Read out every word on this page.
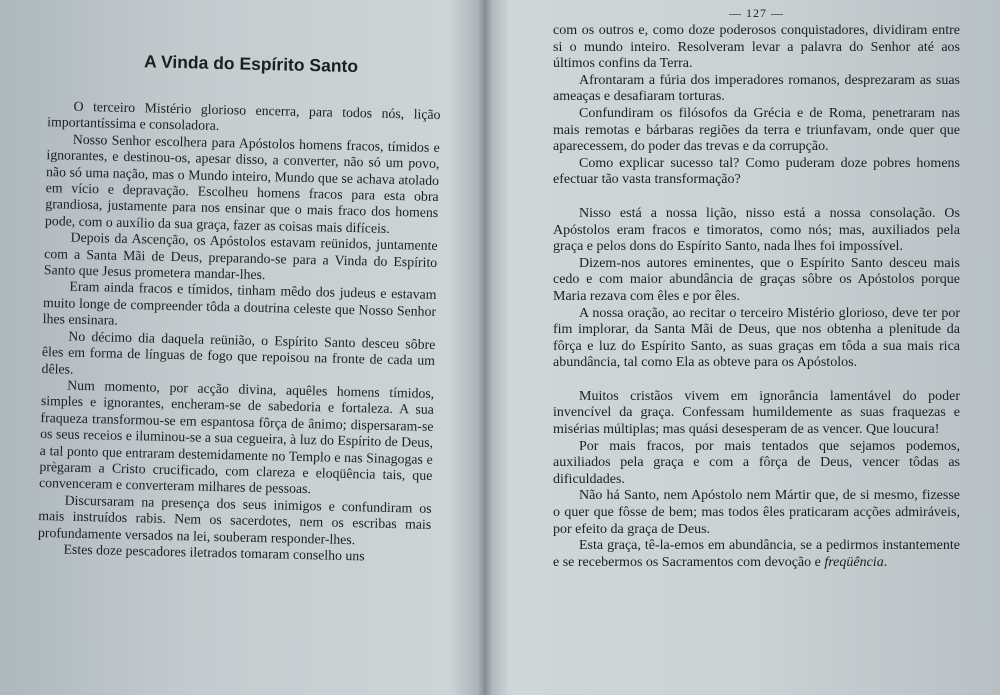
A Vinda do Espírito Santo

O terceiro Mistério glorioso encerra, para todos nós, lição importantíssima e consoladora.

Nosso Senhor escolhera para Apóstolos homens fracos, tímidos e ignorantes, e destinou-os, apesar disso, a converter, não só um povo, não só uma nação, mas o Mundo inteiro, Mundo que se achava atolado em vício e depravação. Escolheu homens fracos para esta obra grandiosa, justamente para nos ensinar que o mais fraco dos homens pode, com o auxílio da sua graça, fazer as coisas mais difíceis.

Depois da Ascenção, os Apóstolos estavam reünidos, juntamente com a Santa Mãi de Deus, preparando-se para a Vinda do Espírito Santo que Jesus prometera mandar-lhes.

Eram ainda fracos e tímidos, tinham mêdo dos judeus e estavam muito longe de compreender tôda a doutrina celeste que Nosso Senhor lhes ensinara.

No décimo dia daquela reünião, o Espírito Santo desceu sôbre êles em forma de línguas de fogo que repoisou na fronte de cada um dêles.

Num momento, por acção divina, aquêles homens tímidos, simples e ignorantes, encheram-se de sabedoria e fortaleza. A sua fraqueza transformou-se em espantosa fôrça de ânimo; dispersaram-se os seus receios e iluminou-se a sua cegueira, à luz do Espírito de Deus, a tal ponto que entraram destemidamente no Templo e nas Sinagogas e prègaram a Cristo crucificado, com clareza e eloqüência tais, que convenceram e converteram milhares de pessoas.

Discursaram na presença dos seus inimigos e confundiram os mais instruídos rabis. Nem os sacerdotes, nem os escribas mais profundamente versados na lei, souberam responder-lhes.

Estes doze pescadores iletrados tomaram conselho uns

— 127 —

com os outros e, como doze poderosos conquistadores, dividiram entre si o mundo inteiro. Resolveram levar a palavra do Senhor até aos últimos confins da Terra.

Afrontaram a fúria dos imperadores romanos, desprezaram as suas ameaças e desafiaram torturas.

Confundiram os filósofos da Grécia e de Roma, penetraram nas mais remotas e bárbaras regiões da terra e triunfavam, onde quer que aparecessem, do poder das trevas e da corrupção.

Como explicar sucesso tal? Como puderam doze pobres homens efectuar tão vasta transformação?

Nisso está a nossa lição, nisso está a nossa consolação. Os Apóstolos eram fracos e timoratos, como nós; mas, auxiliados pela graça e pelos dons do Espírito Santo, nada lhes foi impossível.

Dizem-nos autores eminentes, que o Espírito Santo desceu mais cedo e com maior abundância de graças sôbre os Apóstolos porque Maria rezava com êles e por êles.

A nossa oração, ao recitar o terceiro Mistério glorioso, deve ter por fim implorar, da Santa Mãi de Deus, que nos obtenha a plenitude da fôrça e luz do Espírito Santo, as suas graças em tôda a sua mais rica abundância, tal como Ela as obteve para os Apóstolos.

Muitos cristãos vivem em ignorância lamentável do poder invencível da graça. Confessam humildemente as suas fraquezas e misérias múltiplas; mas quási desesperam de as vencer. Que loucura!

Por mais fracos, por mais tentados que sejamos podemos, auxiliados pela graça e com a fôrça de Deus, vencer tôdas as dificuldades.

Não há Santo, nem Apóstolo nem Mártir que, de si mesmo, fizesse o quer que fôsse de bem; mas todos êles praticaram acções admiráveis, por efeito da graça de Deus.

Esta graça, tê-la-emos em abundância, se a pedirmos instantemente e se recebermos os Sacramentos com devoção e freqüência.
